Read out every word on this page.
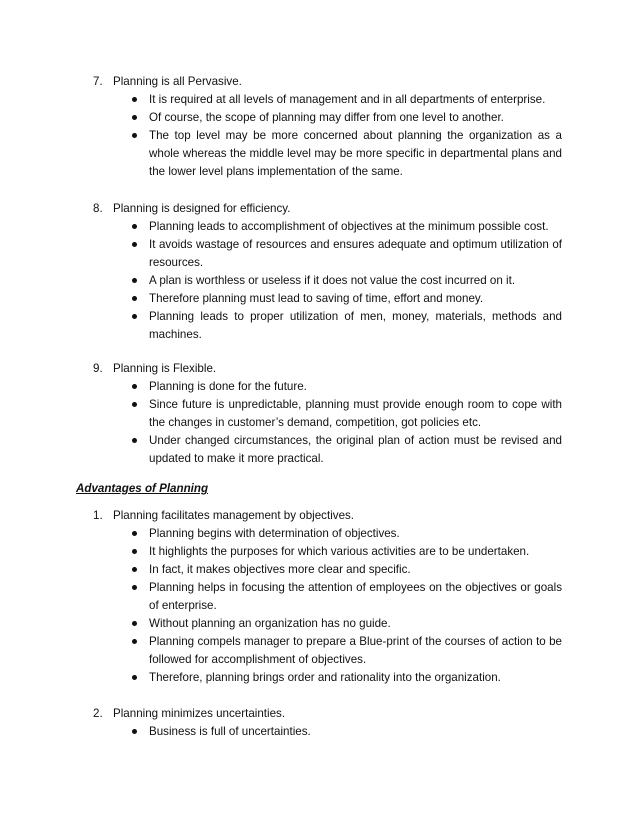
7. Planning is all Pervasive.
It is required at all levels of management and in all departments of enterprise.
Of course, the scope of planning may differ from one level to another.
The top level may be more concerned about planning the organization as a whole whereas the middle level may be more specific in departmental plans and the lower level plans implementation of the same.
8. Planning is designed for efficiency.
Planning leads to accomplishment of objectives at the minimum possible cost.
It avoids wastage of resources and ensures adequate and optimum utilization of resources.
A plan is worthless or useless if it does not value the cost incurred on it.
Therefore planning must lead to saving of time, effort and money.
Planning leads to proper utilization of men, money, materials, methods and machines.
9. Planning is Flexible.
Planning is done for the future.
Since future is unpredictable, planning must provide enough room to cope with the changes in customer’s demand, competition, got policies etc.
Under changed circumstances, the original plan of action must be revised and updated to make it more practical.
Advantages of Planning
1. Planning facilitates management by objectives.
Planning begins with determination of objectives.
It highlights the purposes for which various activities are to be undertaken.
In fact, it makes objectives more clear and specific.
Planning helps in focusing the attention of employees on the objectives or goals of enterprise.
Without planning an organization has no guide.
Planning compels manager to prepare a Blue-print of the courses of action to be followed for accomplishment of objectives.
Therefore, planning brings order and rationality into the organization.
2. Planning minimizes uncertainties.
Business is full of uncertainties.
